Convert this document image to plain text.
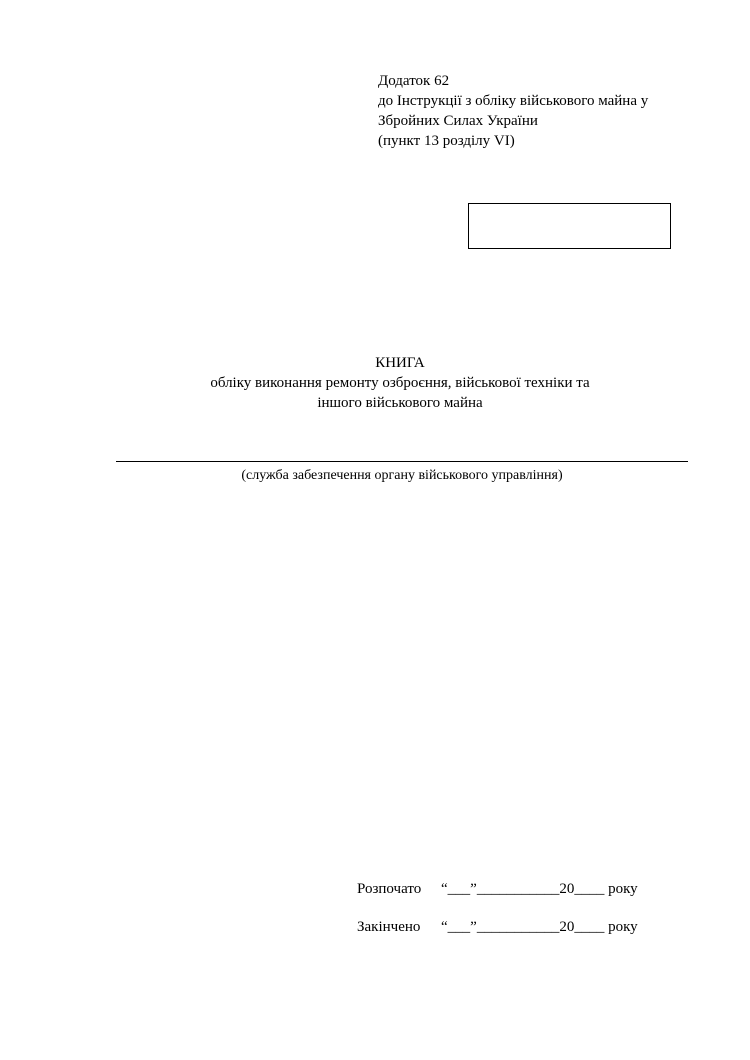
Додаток 62
до Інструкції з обліку військового майна у
Збройних Силах України
(пункт 13 розділу VI)
КНИГА
обліку виконання ремонту озброєння, військової техніки та
іншого військового майна
(служба забезпечення органу військового управління)
Розпочато “___”___________20____ року
Закінчено “___”___________20____ року
